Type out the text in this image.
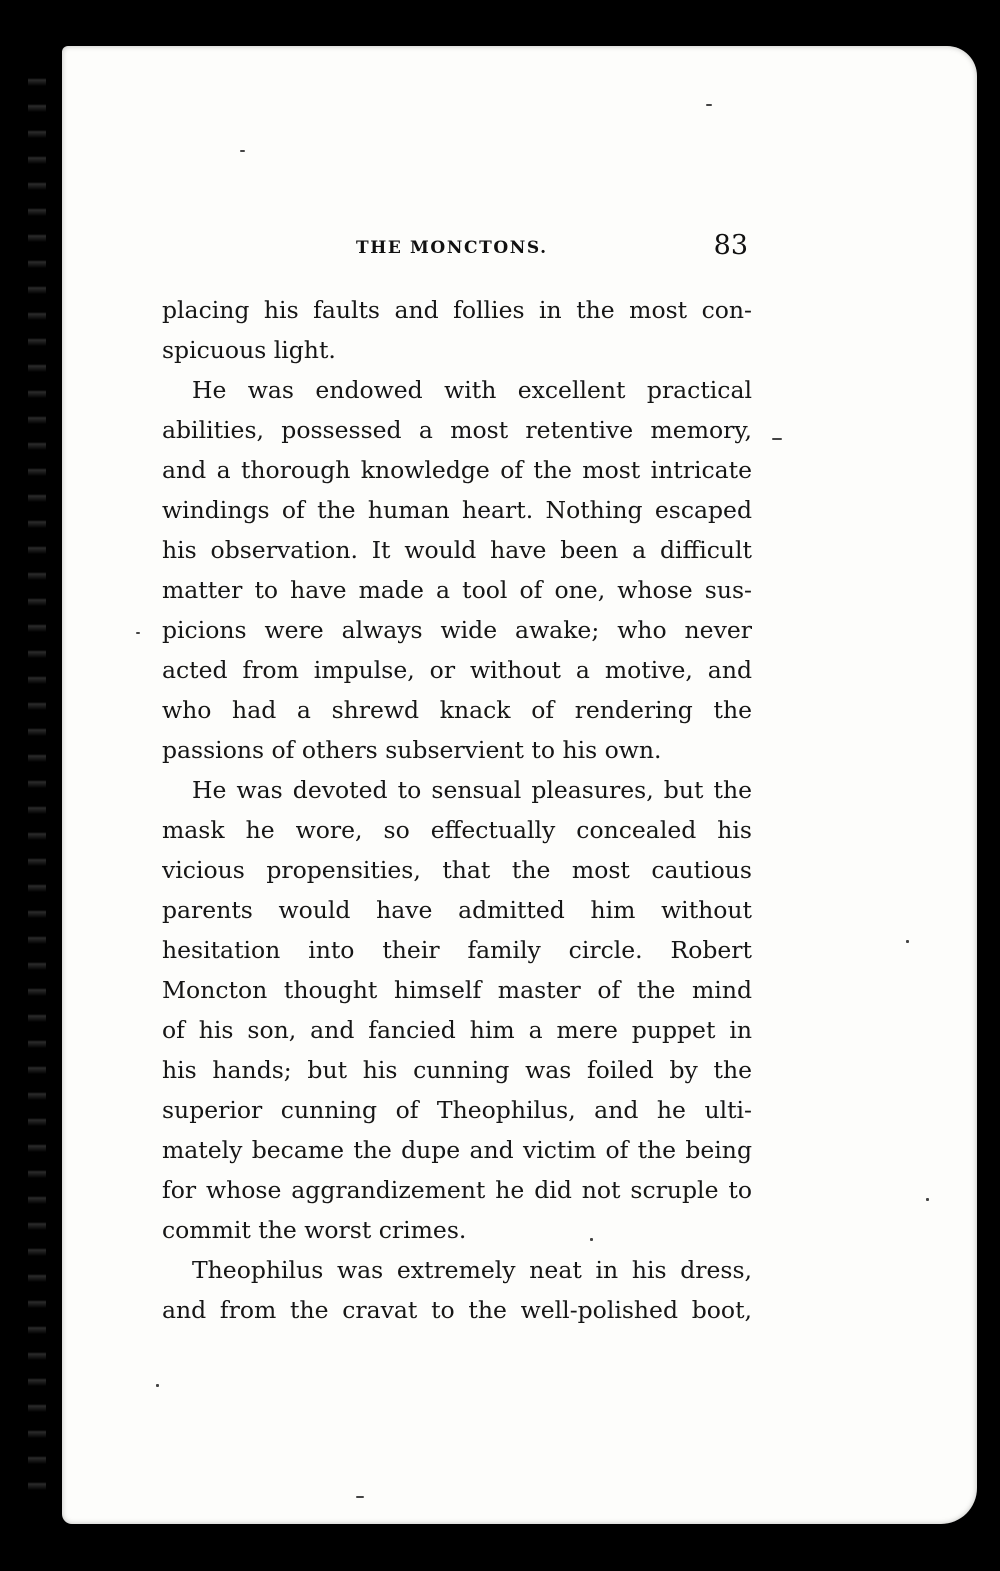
THE MONCTONS.	83
placing his faults and follies in the most con-
spicuous light.
He was endowed with excellent practical
abilities, possessed a most retentive memory,
and a thorough knowledge of the most intricate
windings of the human heart. Nothing escaped
his observation. It would have been a difficult
matter to have made a tool of one, whose sus-
picions were always wide awake; who never
acted from impulse, or without a motive, and
who had a shrewd knack of rendering the
passions of others subservient to his own.
He was devoted to sensual pleasures, but the
mask he wore, so effectually concealed his
vicious propensities, that the most cautious
parents would have admitted him without
hesitation into their family circle. Robert
Moncton thought himself master of the mind
of his son, and fancied him a mere puppet in
his hands; but his cunning was foiled by the
superior cunning of Theophilus, and he ulti-
mately became the dupe and victim of the being
for whose aggrandizement he did not scruple to
commit the worst crimes.
Theophilus was extremely neat in his dress,
and from the cravat to the well-polished boot,
